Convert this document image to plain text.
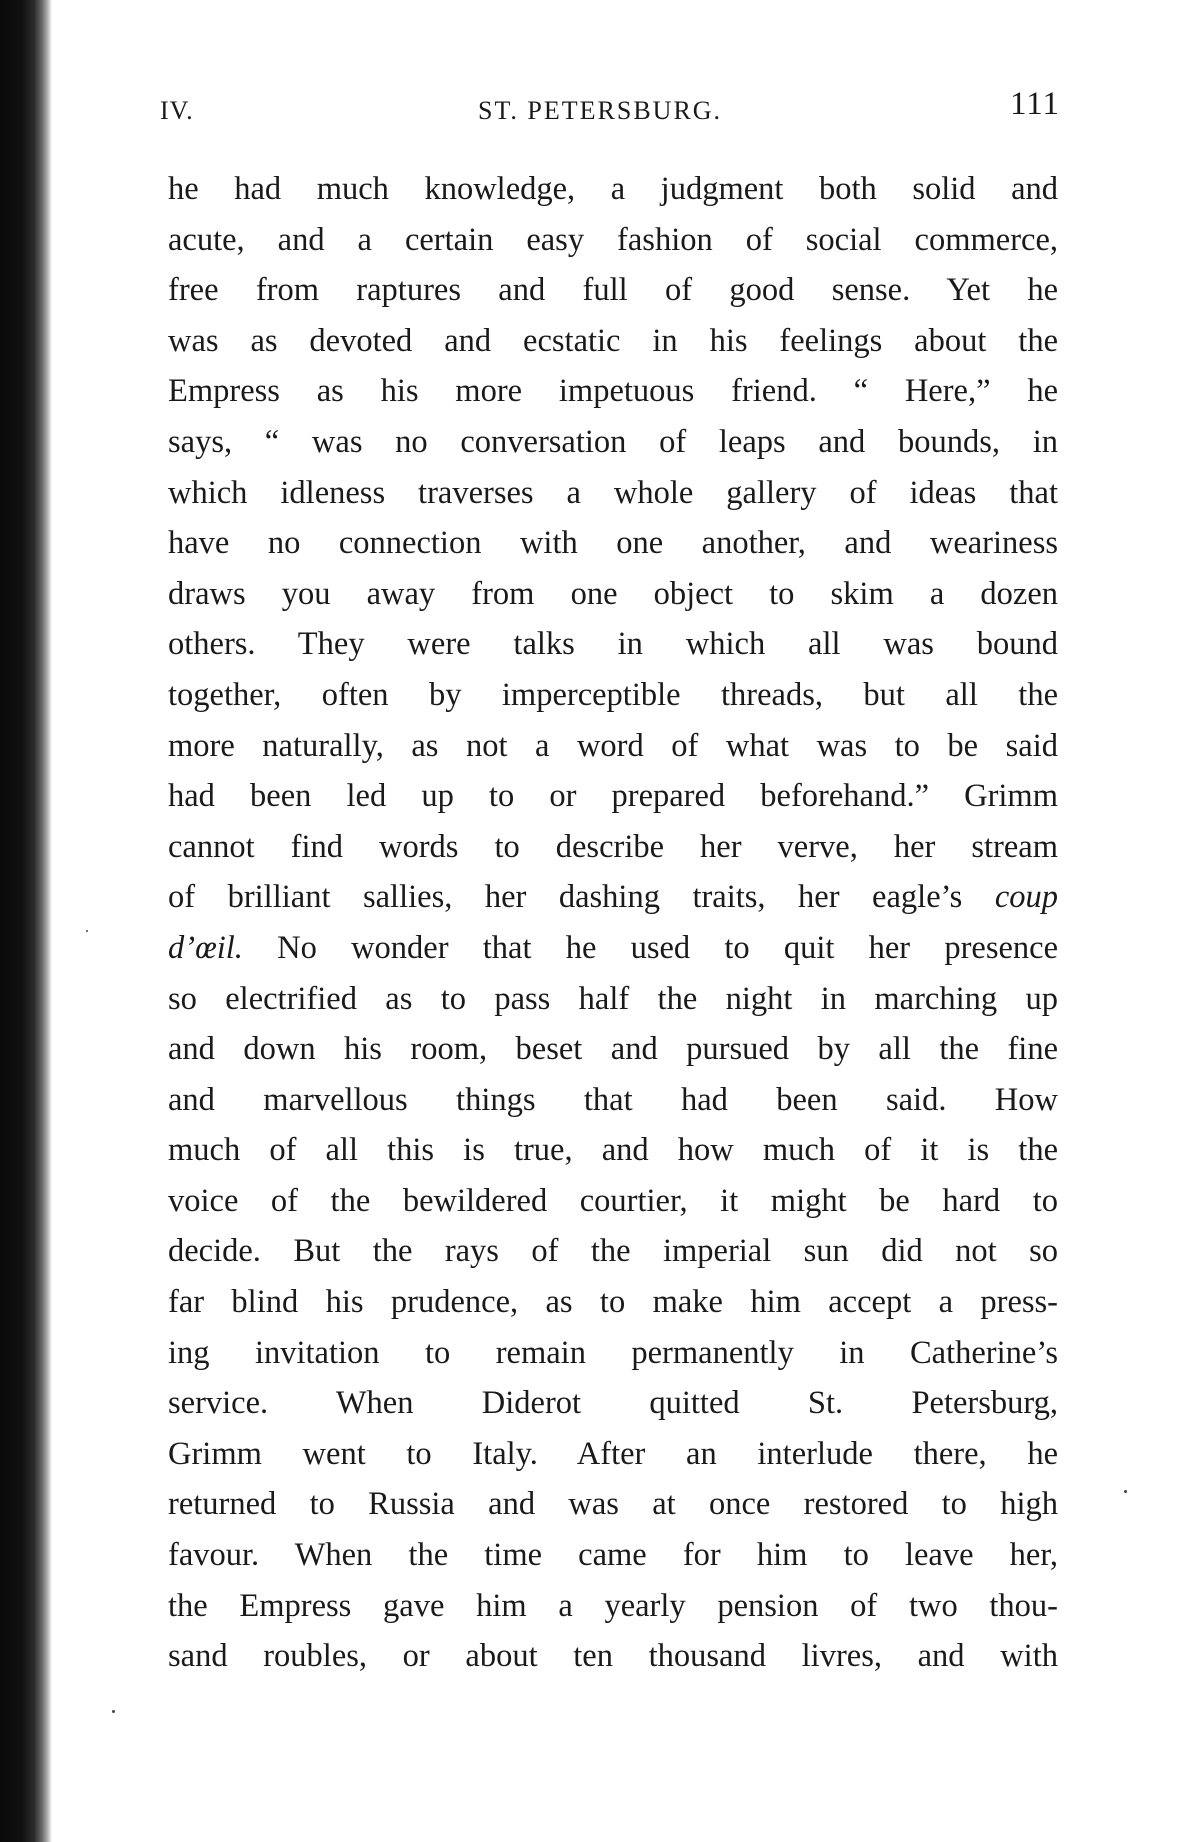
IV.	ST. PETERSBURG.	111
he had much knowledge, a judgment both solid and
acute, and a certain easy fashion of social commerce,
free from raptures and full of good sense. Yet he
was as devoted and ecstatic in his feelings about the
Empress as his more impetuous friend. “ Here,” he
says, “ was no conversation of leaps and bounds, in
which idleness traverses a whole gallery of ideas that
have no connection with one another, and weariness
draws you away from one object to skim a dozen
others. They were talks in which all was bound
together, often by imperceptible threads, but all the
more naturally, as not a word of what was to be said
had been led up to or prepared beforehand.” Grimm
cannot find words to describe her verve, her stream
of brilliant sallies, her dashing traits, her eagle’s coup
d’œil. No wonder that he used to quit her presence
so electrified as to pass half the night in marching up
and down his room, beset and pursued by all the fine
and marvellous things that had been said. How
much of all this is true, and how much of it is the
voice of the bewildered courtier, it might be hard to
decide. But the rays of the imperial sun did not so
far blind his prudence, as to make him accept a press-
ing invitation to remain permanently in Catherine’s
service. When Diderot quitted St. Petersburg,
Grimm went to Italy. After an interlude there, he
returned to Russia and was at once restored to high
favour. When the time came for him to leave her,
the Empress gave him a yearly pension of two thou-
sand roubles, or about ten thousand livres, and with
